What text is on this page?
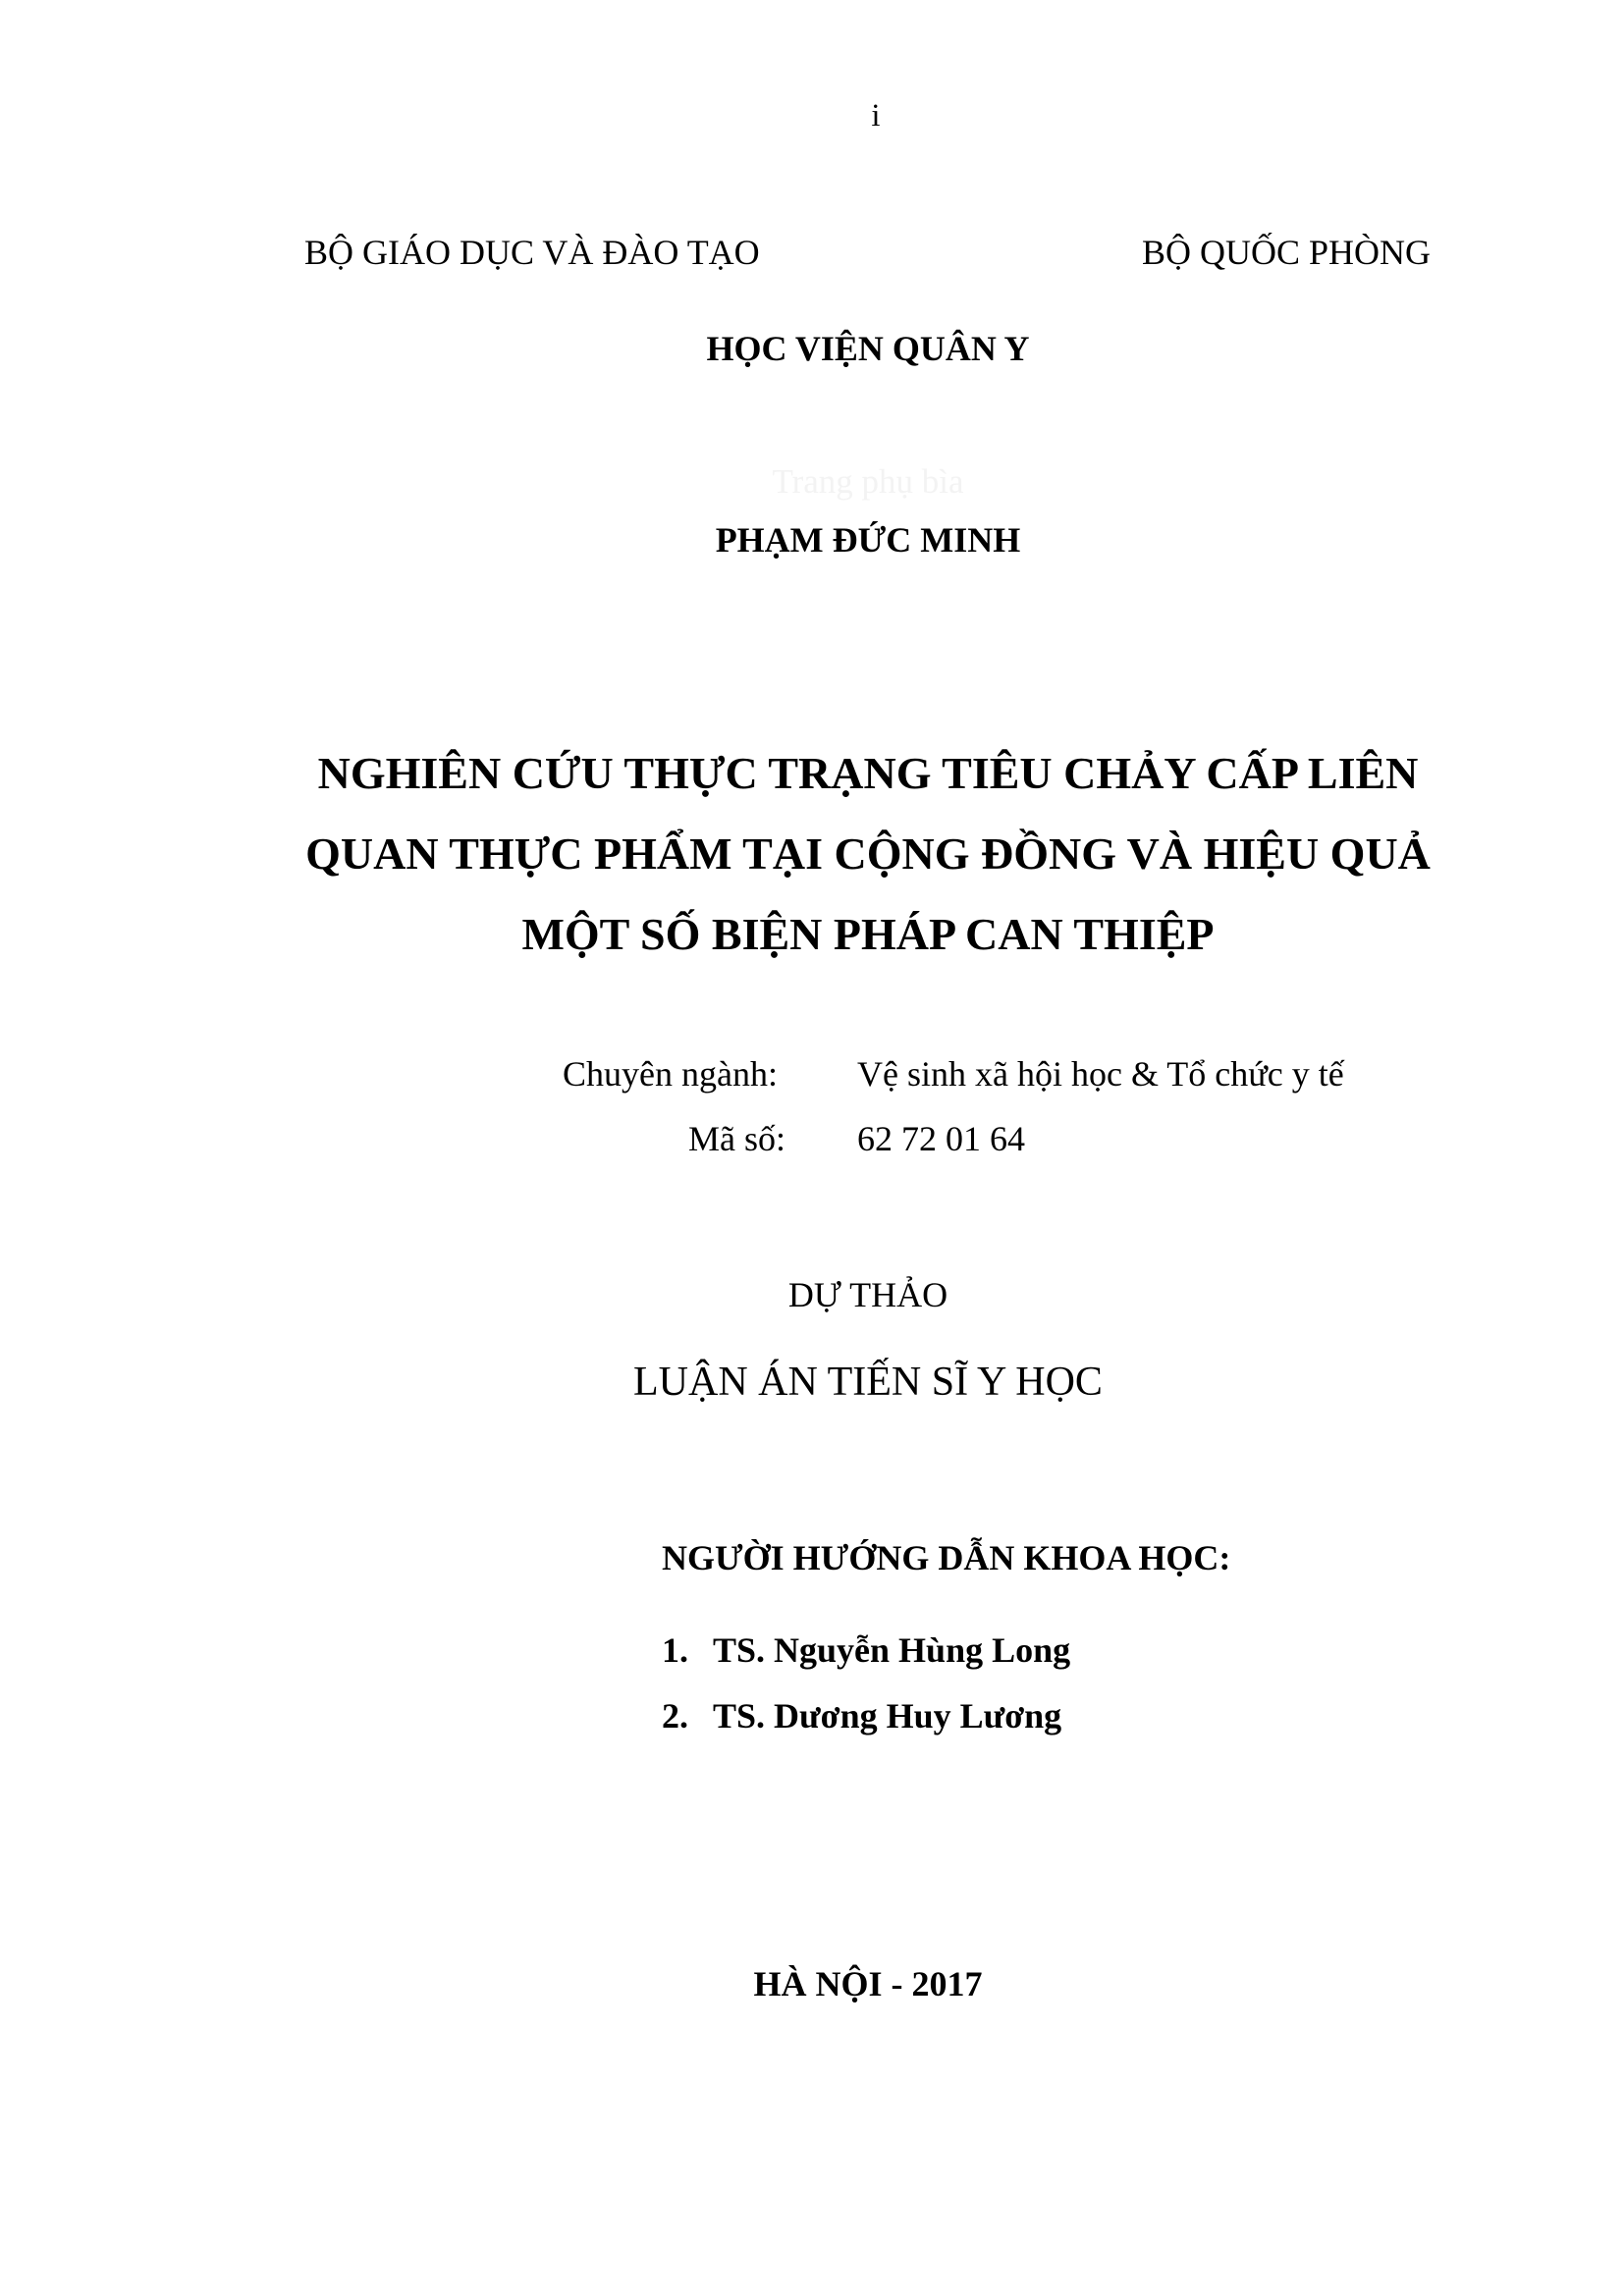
i
BỘ GIÁO DỤC VÀ ĐÀO TẠO	BỘ QUỐC PHÒNG
HỌC VIỆN QUÂN Y
Trang phụ bìa
PHẠM ĐỨC MINH
NGHIÊN CỨU THỰC TRẠNG TIÊU CHẢY CẤP LIÊN
QUAN THỰC PHẨM TẠI CỘNG ĐỒNG VÀ HIỆU QUẢ
MỘT SỐ BIỆN PHÁP CAN THIỆP
Chuyên ngành: Vệ sinh xã hội học & Tổ chức y tế
Mã số: 62 72 01 64
DỰ THẢO
LUẬN ÁN TIẾN SĨ Y HỌC
NGƯỜI HƯỚNG DẪN KHOA HỌC:
1. TS. Nguyễn Hùng Long
2. TS. Dương Huy Lương
HÀ NỘI - 2017
